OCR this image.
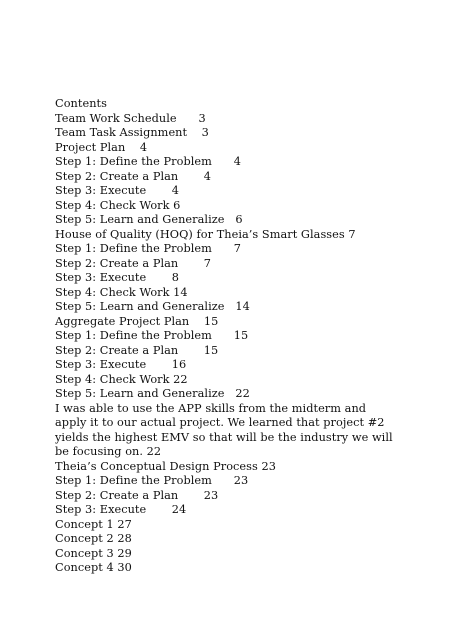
Contents
Team Work Schedule      3
Team Task Assignment    3
Project Plan    4
Step 1: Define the Problem      4
Step 2: Create a Plan       4
Step 3: Execute       4
Step 4: Check Work 6
Step 5: Learn and Generalize   6
House of Quality (HOQ) for Theia’s Smart Glasses 7
Step 1: Define the Problem      7
Step 2: Create a Plan       7
Step 3: Execute       8
Step 4: Check Work 14
Step 5: Learn and Generalize   14
Aggregate Project Plan    15
Step 1: Define the Problem      15
Step 2: Create a Plan       15
Step 3: Execute       16
Step 4: Check Work 22
Step 5: Learn and Generalize   22
I was able to use the APP skills from the midterm and apply it to our actual project. We learned that project #2 yields the highest EMV so that will be the industry we will be focusing on. 22
Theia’s Conceptual Design Process 23
Step 1: Define the Problem      23
Step 2: Create a Plan       23
Step 3: Execute       24
Concept 1 27
Concept 2 28
Concept 3 29
Concept 4 30
